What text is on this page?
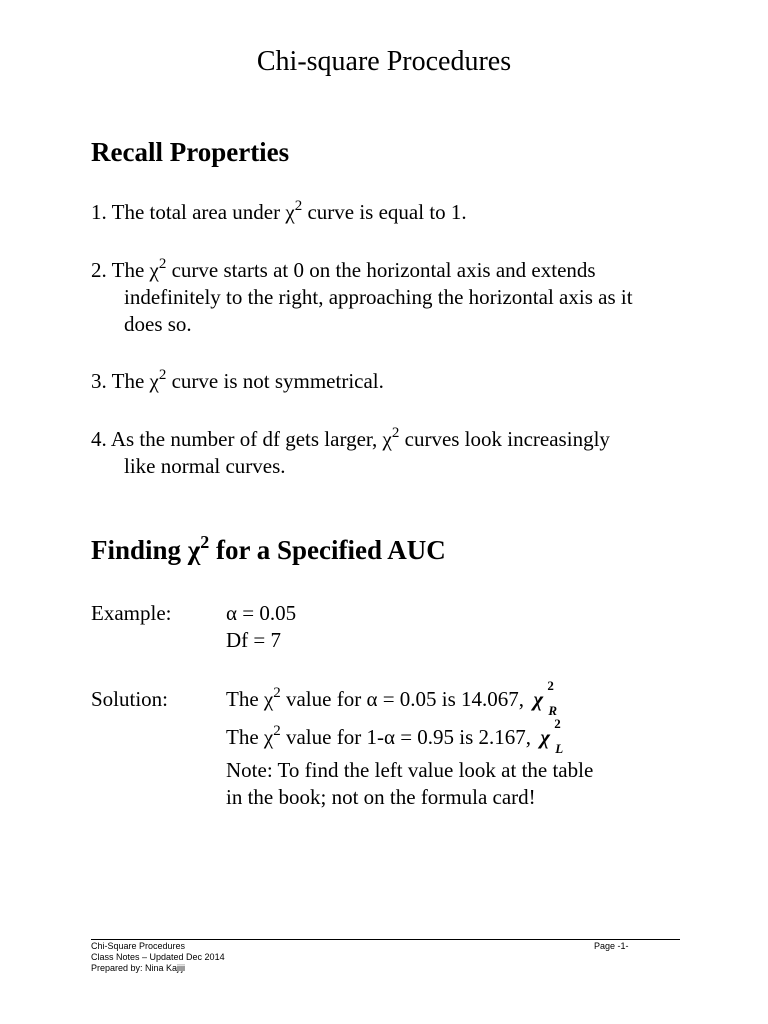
Chi-square Procedures
Recall Properties
1. The total area under $\chi^2$ curve is equal to 1.
2. The $\chi^2$ curve starts at 0 on the horizontal axis and extends
indefinitely to the right, approaching the horizontal axis as it
does so.
3. The $\chi^2$ curve is not symmetrical.
4. As the number of df gets larger, $\chi^2$ curves look increasingly
like normal curves.
Finding $\chi^2$ for a Specified AUC
Example:	α = 0.05
Df = 7
Solution:	The $\chi^2$ value for α = 0.05 is 14.067, χ
2
R
The $\chi^2$ value for 1-α = 0.95 is 2.167, χ
2
L
Note: To find the left value look at the table
in the book; not on the formula card!
Chi-Square Procedures
Class Notes – Updated Dec 2014
Prepared by: Nina Kajiji
Page -1-
